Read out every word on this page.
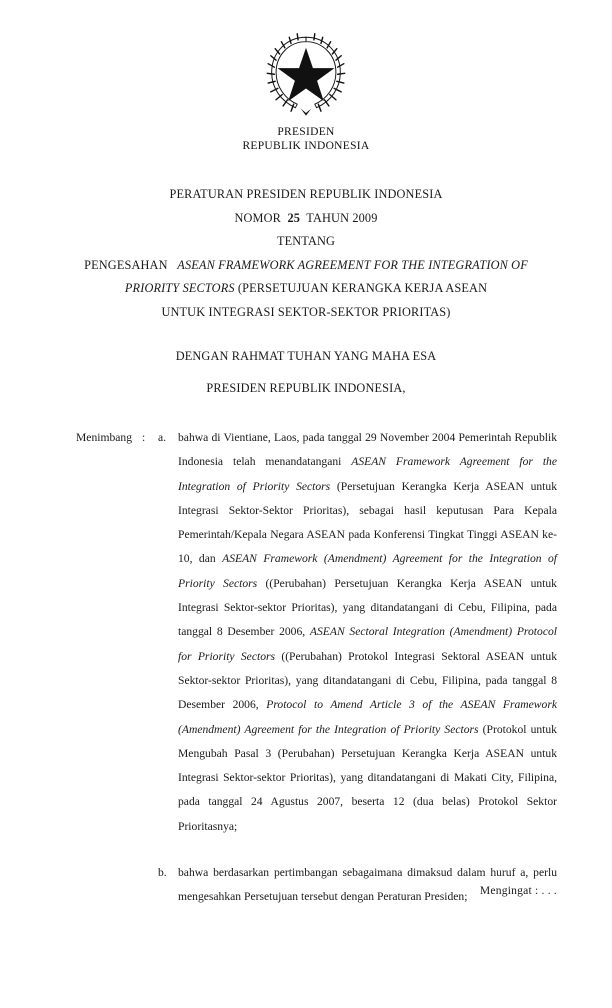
PRESIDEN
REPUBLIK INDONESIA
PERATURAN PRESIDEN REPUBLIK INDONESIA
NOMOR 25 TAHUN 2009
TENTANG
PENGESAHAN ASEAN FRAMEWORK AGREEMENT FOR THE INTEGRATION OF
PRIORITY SECTORS (PERSETUJUAN KERANGKA KERJA ASEAN
UNTUK INTEGRASI SEKTOR-SEKTOR PRIORITAS)
DENGAN RAHMAT TUHAN YANG MAHA ESA
PRESIDEN REPUBLIK INDONESIA,
Menimbang :	a.	bahwa di Vientiane, Laos, pada tanggal 29 November 2004 Pemerintah Republik Indonesia telah menandatangani ASEAN Framework Agreement for the Integration of Priority Sectors (Persetujuan Kerangka Kerja ASEAN untuk Integrasi Sektor-Sektor Prioritas), sebagai hasil keputusan Para Kepala Pemerintah/Kepala Negara ASEAN pada Konferensi Tingkat Tinggi ASEAN ke-10, dan ASEAN Framework (Amendment) Agreement for the Integration of Priority Sectors ((Perubahan) Persetujuan Kerangka Kerja ASEAN untuk Integrasi Sektor-sektor Prioritas), yang ditandatangani di Cebu, Filipina, pada tanggal 8 Desember 2006, ASEAN Sectoral Integration (Amendment) Protocol for Priority Sectors ((Perubahan) Protokol Integrasi Sektoral ASEAN untuk Sektor-sektor Prioritas), yang ditandatangani di Cebu, Filipina, pada tanggal 8 Desember 2006, Protocol to Amend Article 3 of the ASEAN Framework (Amendment) Agreement for the Integration of Priority Sectors (Protokol untuk Mengubah Pasal 3 (Perubahan) Persetujuan Kerangka Kerja ASEAN untuk Integrasi Sektor-sektor Prioritas), yang ditandatangani di Makati City, Filipina, pada tanggal 24 Agustus 2007, beserta 12 (dua belas) Protokol Sektor Prioritasnya;
b. bahwa berdasarkan pertimbangan sebagaimana dimaksud dalam huruf a, perlu mengesahkan Persetujuan tersebut dengan Peraturan Presiden;	Mengingat : . . .
